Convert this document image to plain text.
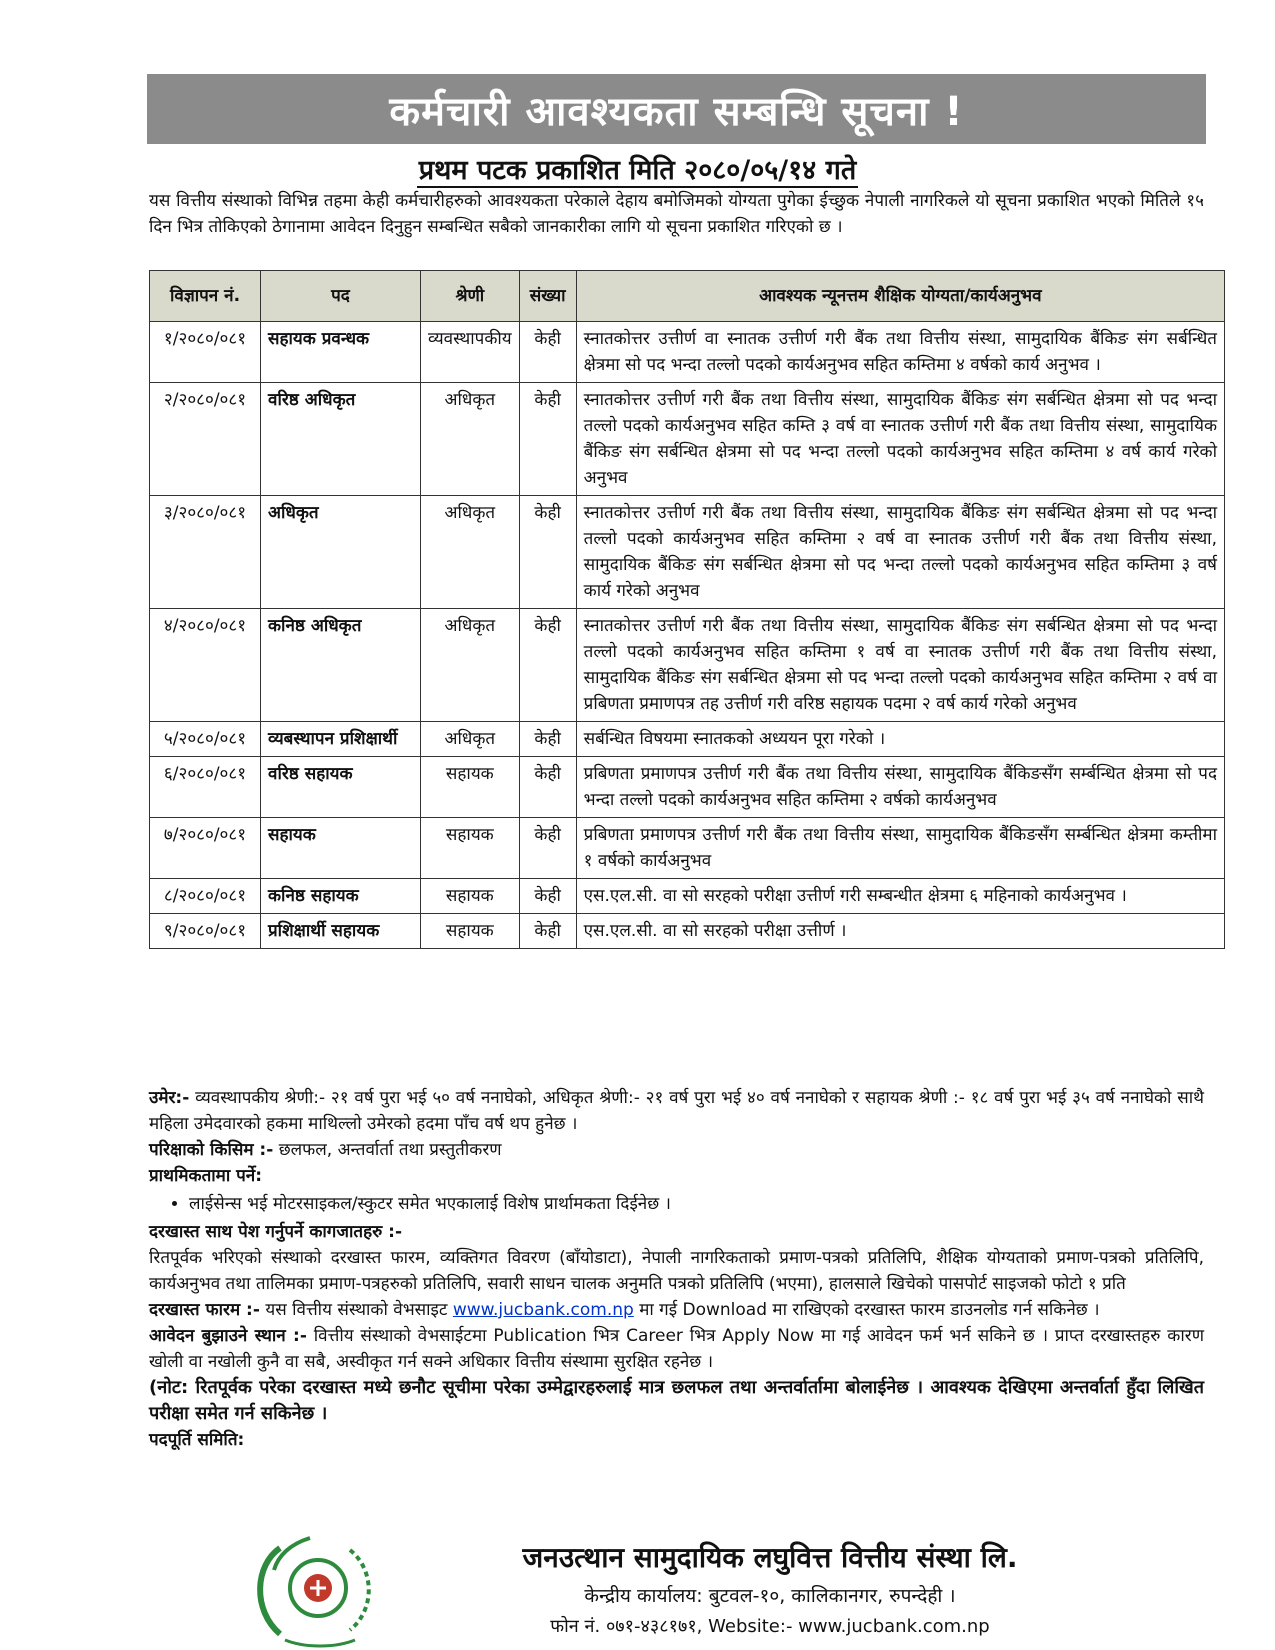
कर्मचारी आवश्यकता सम्बन्धि सूचना !
प्रथम पटक प्रकाशित मिति २०८०/०५/१४ गते
यस वित्तीय संस्थाको विभिन्न तहमा केही कर्मचारीहरुको आवश्यकता परेकाले देहाय बमोजिमको योग्यता पुगेका ईच्छुक नेपाली नागरिकले यो सूचना प्रकाशित भएको मितिले १५ दिन भित्र तोकिएको ठेगानामा आवेदन दिनुहुन सम्बन्धित सबैको जानकारीका लागि यो सूचना प्रकाशित गरिएको छ ।
विज्ञापन नं.	पद	श्रेणी	संख्या	आवश्यक न्यूनत्तम शैक्षिक योग्यता/कार्यअनुभव
१/२०८०/०८१	सहायक प्रवन्धक	व्यवस्थापकीय	केही	स्नातकोत्तर उत्तीर्ण वा स्नातक उत्तीर्ण गरी बैंक तथा वित्तीय संस्था, सामुदायिक बैंकिङ संग सर्बन्धित क्षेत्रमा सो पद भन्दा तल्लो पदको कार्यअनुभव सहित कम्तिमा ४ वर्षको कार्य अनुभव ।
२/२०८०/०८१	वरिष्ठ अधिकृत	अधिकृत	केही	स्नातकोत्तर उत्तीर्ण गरी बैंक तथा वित्तीय संस्था, सामुदायिक बैंकिङ संग सर्बन्धित क्षेत्रमा सो पद भन्दा तल्लो पदको कार्यअनुभव सहित कम्ति ३ वर्ष वा स्नातक उत्तीर्ण गरी बैंक तथा वित्तीय संस्था, सामुदायिक बैंकिङ संग सर्बन्धित क्षेत्रमा सो पद भन्दा तल्लो पदको कार्यअनुभव सहित कम्तिमा ४ वर्ष कार्य गरेको अनुभव
३/२०८०/०८१	अधिकृत	अधिकृत	केही	स्नातकोत्तर उत्तीर्ण गरी बैंक तथा वित्तीय संस्था, सामुदायिक बैंकिङ संग सर्बन्धित क्षेत्रमा सो पद भन्दा तल्लो पदको कार्यअनुभव सहित कम्तिमा २ वर्ष वा स्नातक उत्तीर्ण गरी बैंक तथा वित्तीय संस्था, सामुदायिक बैंकिङ संग सर्बन्धित क्षेत्रमा सो पद भन्दा तल्लो पदको कार्यअनुभव सहित कम्तिमा ३ वर्ष कार्य गरेको अनुभव
४/२०८०/०८१	कनिष्ठ अधिकृत	अधिकृत	केही	स्नातकोत्तर उत्तीर्ण गरी बैंक तथा वित्तीय संस्था, सामुदायिक बैंकिङ संग सर्बन्धित क्षेत्रमा सो पद भन्दा तल्लो पदको कार्यअनुभव सहित कम्तिमा १ वर्ष वा स्नातक उत्तीर्ण गरी बैंक तथा वित्तीय संस्था, सामुदायिक बैंकिङ संग सर्बन्धित क्षेत्रमा सो पद भन्दा तल्लो पदको कार्यअनुभव सहित कम्तिमा २ वर्ष वा प्रबिणता प्रमाणपत्र तह उत्तीर्ण गरी वरिष्ठ सहायक पदमा २ वर्ष कार्य गरेको अनुभव
५/२०८०/०८१	व्यबस्थापन प्रशिक्षार्थी	अधिकृत	केही	सर्बन्धित विषयमा स्नातकको अध्ययन पूरा गरेको ।
६/२०८०/०८१	वरिष्ठ सहायक	सहायक	केही	प्रबिणता प्रमाणपत्र उत्तीर्ण गरी बैंक तथा वित्तीय संस्था, सामुदायिक बैंकिङसँग सर्म्बन्धित क्षेत्रमा सो पद भन्दा तल्लो पदको कार्यअनुभव सहित कम्तिमा २ वर्षको कार्यअनुभव
७/२०८०/०८१	सहायक	सहायक	केही	प्रबिणता प्रमाणपत्र उत्तीर्ण गरी बैंक तथा वित्तीय संस्था, सामुदायिक बैंकिङसँग सर्म्बन्धित क्षेत्रमा कम्तीमा १ वर्षको कार्यअनुभव
८/२०८०/०८१	कनिष्ठ सहायक	सहायक	केही	एस.एल.सी. वा सो सरहको परीक्षा उत्तीर्ण गरी सम्बन्धीत क्षेत्रमा ६ महिनाको कार्यअनुभव ।
९/२०८०/०८१	प्रशिक्षार्थी सहायक	सहायक	केही	एस.एल.सी. वा सो सरहको परीक्षा उत्तीर्ण ।

उमेर:- व्यवस्थापकीय श्रेणी:- २१ वर्ष पुरा भई ५० वर्ष ननाघेको, अधिकृत श्रेणी:- २१ वर्ष पुरा भई ४० वर्ष ननाघेको र सहायक श्रेणी :- १८ वर्ष पुरा भई ३५ वर्ष ननाघेको साथै महिला उमेदवारको हकमा माथिल्लो उमेरको हदमा पाँच वर्ष थप हुनेछ ।

परिक्षाको किसिम :- छलफल, अन्तर्वार्ता तथा प्रस्तुतीकरण

प्राथमिकतामा पर्ने:

• लाईसेन्स भई मोटरसाइकल/स्कुटर समेत भएकालाई विशेष प्रार्थामकता दिईनेछ ।

दरखास्त साथ पेश गर्नुपर्ने कागजातहरु :-

रितपूर्वक भरिएको संस्थाको दरखास्त फारम, व्यक्तिगत विवरण (बाँयोडाटा), नेपाली नागरिकताको प्रमाण-पत्रको प्रतिलिपि, शैक्षिक योग्यताको प्रमाण-पत्रको प्रतिलिपि, कार्यअनुभव तथा तालिमका प्रमाण-पत्रहरुको प्रतिलिपि, सवारी साधन चालक अनुमति पत्रको प्रतिलिपि (भएमा), हालसाले खिचेको पासपोर्ट साइजको फोटो १ प्रति

दरखास्त फारम :- यस वित्तीय संस्थाको वेभसाइट www.jucbank.com.np मा गई Download मा राखिएको दरखास्त फारम डाउनलोड गर्न सकिनेछ ।

आवेदन बुझाउने स्थान :- वित्तीय संस्थाको वेभसाईटमा Publication भित्र Career भित्र Apply Now मा गई आवेदन फर्म भर्न सकिने छ । प्राप्त दरखास्तहरु कारण खोली वा नखोली कुनै वा सबै, अस्वीकृत गर्न सक्ने अधिकार वित्तीय संस्थामा सुरक्षित रहनेछ ।

(नोट: रितपूर्वक परेका दरखास्त मध्ये छनौट सूचीमा परेका उम्मेद्वारहरुलाई मात्र छलफल तथा अन्तर्वार्तामा बोलाईनेछ । आवश्यक देखिएमा अन्तर्वार्ता हुँदा लिखित परीक्षा समेत गर्न सकिनेछ ।

पदपूर्ति समिति:

जनउत्थान सामुदायिक लघुवित्त वित्तीय संस्था लि.
केन्द्रीय कार्यालय: बुटवल-१०, कालिकानगर, रुपन्देही ।
फोन नं. ०७१-४३८१७१, Website:- www.jucbank.com.np
